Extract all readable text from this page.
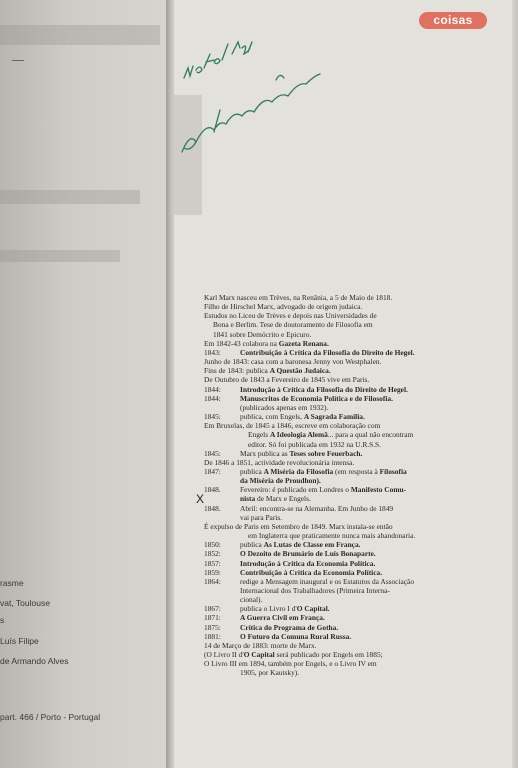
rasme
vat, Toulouse
s
Luís Filipe
de Armando Alves
part. 466 / Porto - Portugal
coisas
X
Karl Marx nasceu em Trèves, na Renânia, a 5 de Maio de 1818.
Filho de Hirschel Marx, advogado de origem judaica.
Estudos no Liceu de Trèves e depois nas Universidades de
Bona e Berlim. Tese de doutoramento de Filosofia em
1841 sobre Demócrito e Epicuro.
Em 1842-43 colabora na Gazeta Renana.
1843:	Contribuição à Crítica da Filosofia do Direito de Hegel.
Junho de 1843: casa com a baronesa Jenny von Westphalen.
Fins de 1843: publica A Questão Judaica.
De Outubro de 1843 a Fevereiro de 1845 vive em Paris.
1844:	Introdução à Crítica da Filosofia do Direito de Hegel.
1844:	Manuscritos de Economia Política e de Filosofia.
(publicados apenas em 1932).
1845:	publica, com Engels, A Sagrada Família.
Em Bruxelas, de 1845 a 1846, escreve em colaboração com
Engels A Ideologia Alemã... para a qual não encontram
editor. Só foi publicada em 1932 na U.R.S.S.
1845:	Marx publica as Teses sobre Feuerbach.
De 1846 a 1851, actividade revolucionária intensa.
1847:	publica A Miséria da Filosofia (em resposta à Filosofia
da Miséria de Proudhon).
1848.	Fevereiro: é publicado em Londres o Manifesto Comu-
nista de Marx e Engels.
1848.	Abril: encontra-se na Alemanha. Em Junho de 1849
vai para Paris.
É expulso de Paris em Setembro de 1849. Marx instala-se então
em Inglaterra que praticamente nunca mais abandonaria.
1850:	publica As Lutas de Classe em França.
1852:	O Dezoito de Brumário de Luís Bonaparte.
1857:	Introdução à Crítica da Economia Política.
1859:	Contribuição à Crítica da Economia Política.
1864:	redige a Mensagem inaugural e os Estatutos da Associação
Internacional dos Trabalhadores (Primeira Interna-
cional).
1867:	publica o Livro I d'O Capital.
1871:	A Guerra Civil em França.
1875:	Crítica do Programa de Gotha.
1881:	O Futuro da Comuna Rural Russa.
14 de Março de 1883: morte de Marx.
(O Livro II d'O Capital será publicado por Engels em 1885;
O Livro III em 1894, também por Engels, e o Livro IV em
1905, por Kautsky).
